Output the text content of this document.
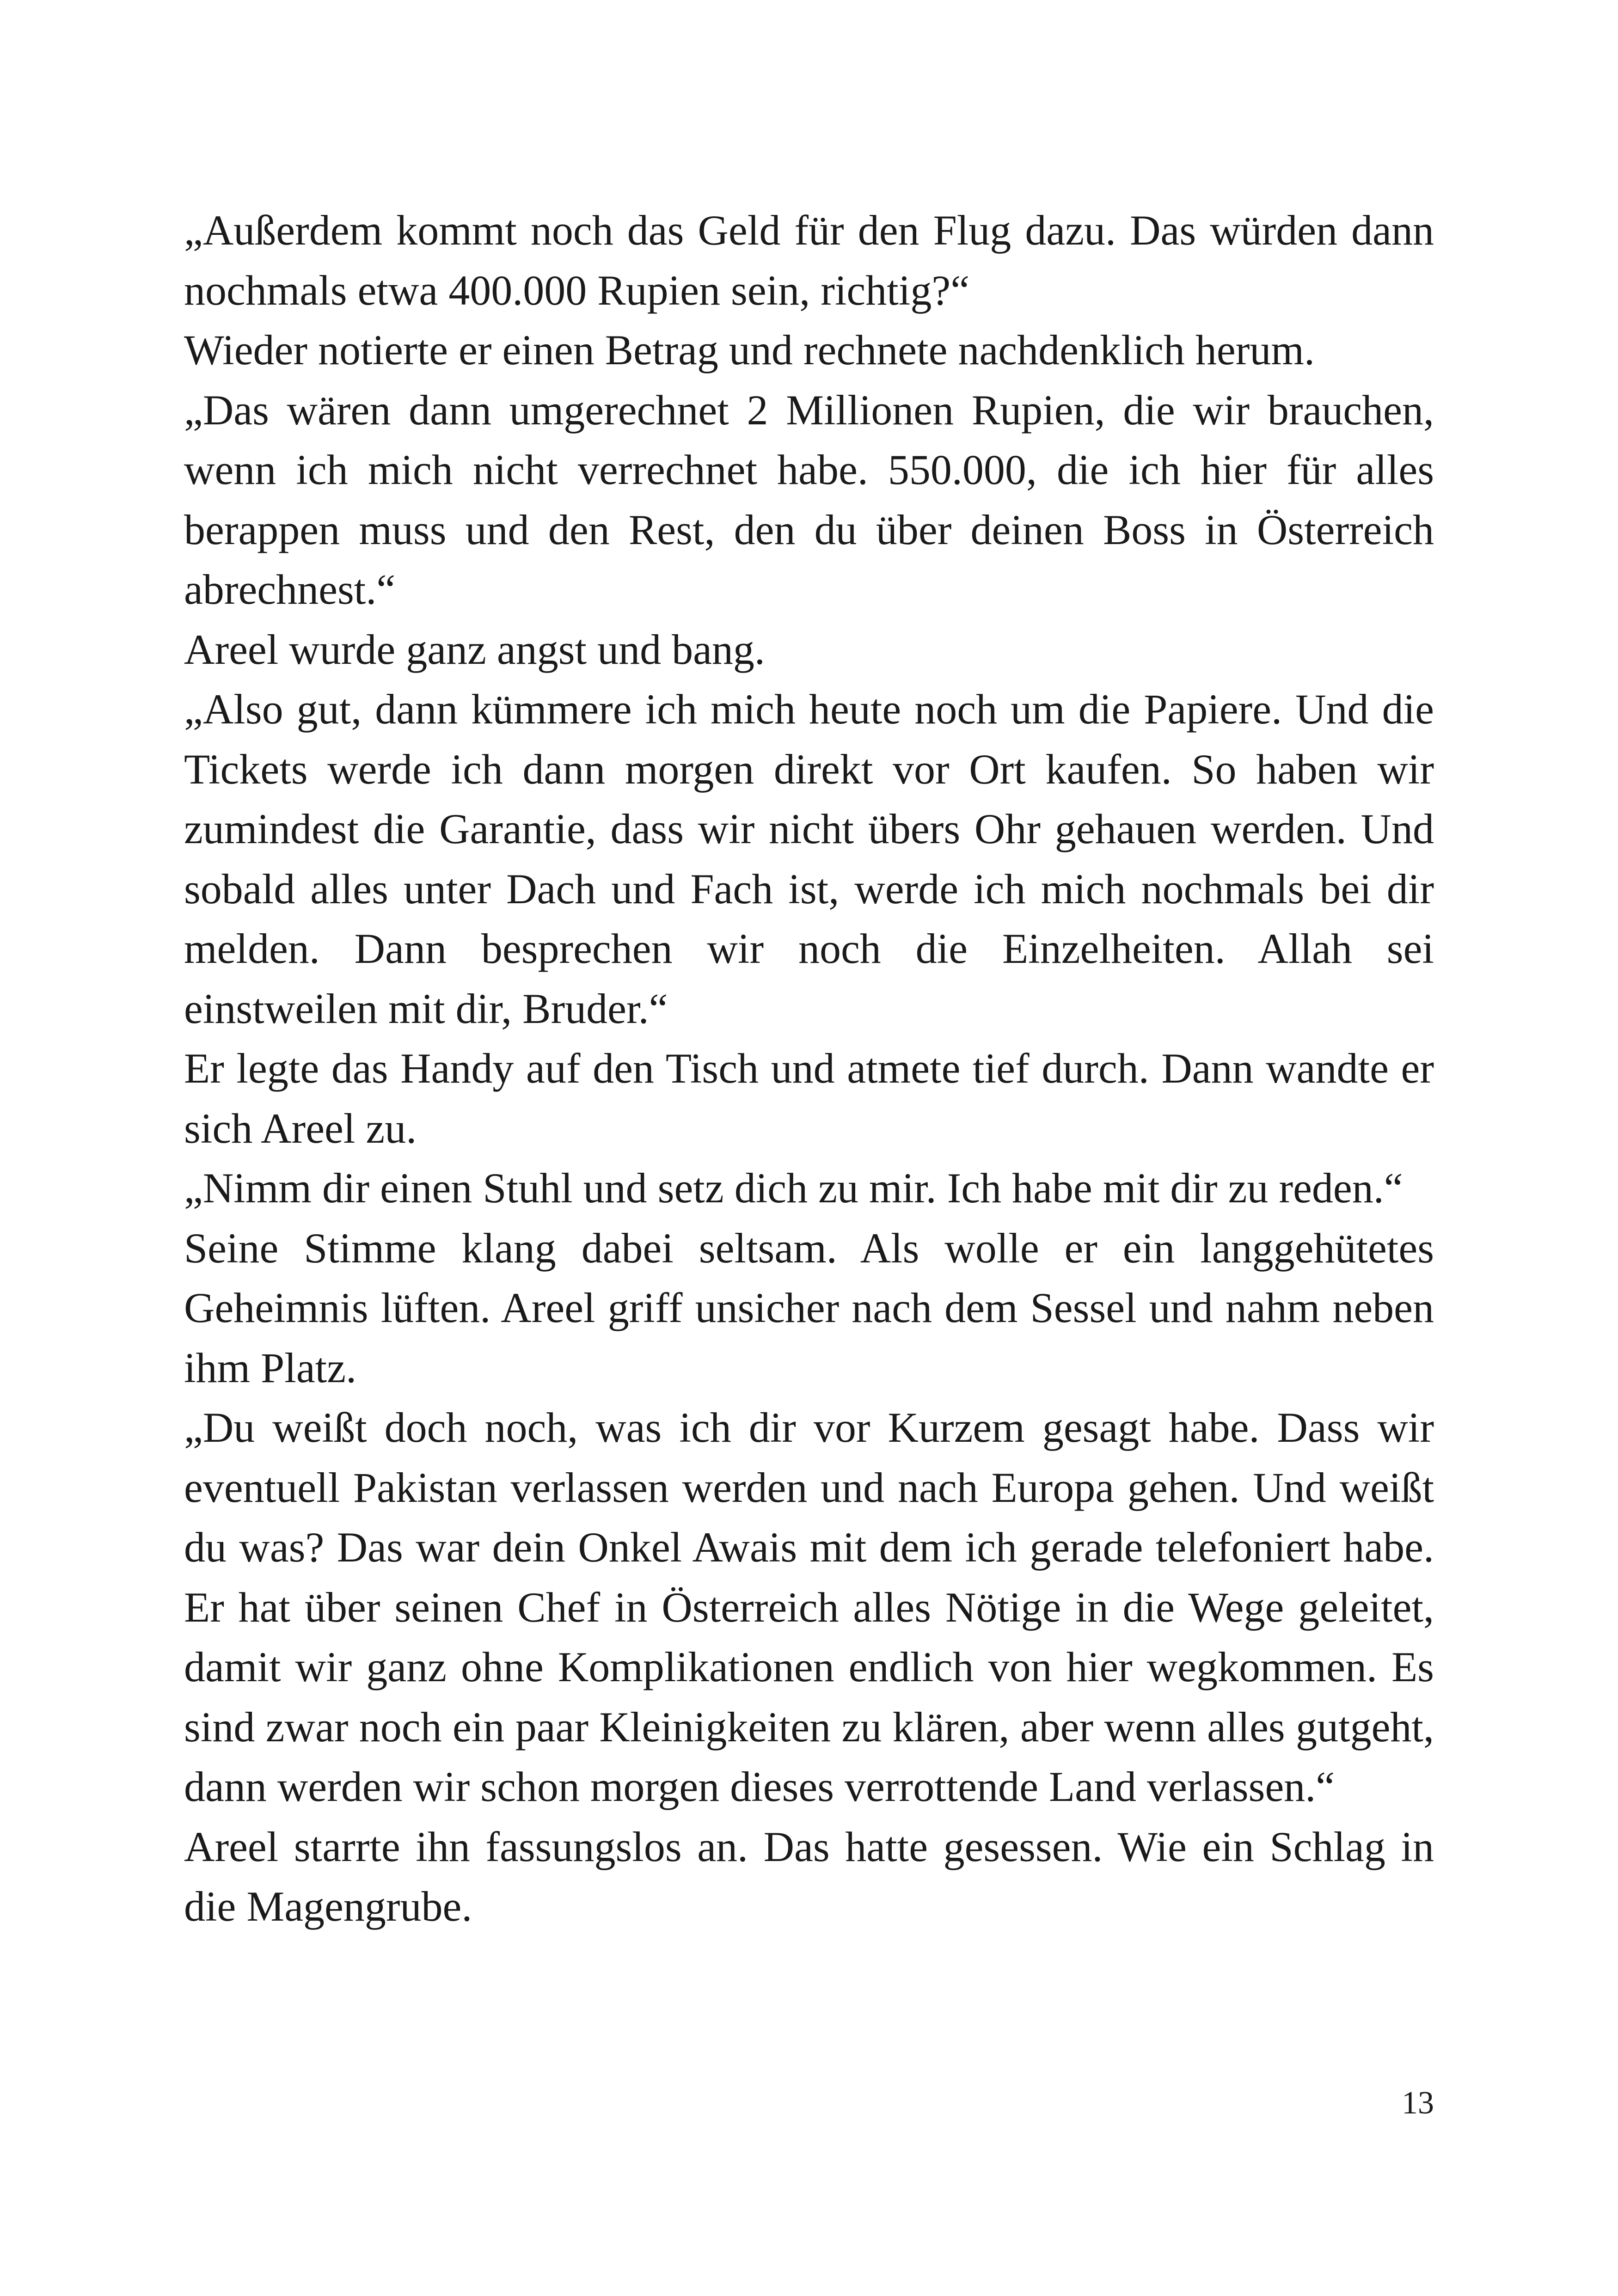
„Außerdem kommt noch das Geld für den Flug dazu. Das würden dann nochmals etwa 400.000 Rupien sein, richtig?“

Wieder notierte er einen Betrag und rechnete nachdenklich herum.

„Das wären dann umgerechnet 2 Millionen Rupien, die wir brauchen, wenn ich mich nicht verrechnet habe. 550.000, die ich hier für alles berappen muss und den Rest, den du über deinen Boss in Österreich abrechnest.“

Areel wurde ganz angst und bang.

„Also gut, dann kümmere ich mich heute noch um die Papiere. Und die Tickets werde ich dann morgen direkt vor Ort kaufen. So haben wir zumindest die Garantie, dass wir nicht übers Ohr gehauen werden. Und sobald alles unter Dach und Fach ist, werde ich mich nochmals bei dir melden. Dann besprechen wir noch die Einzelheiten. Allah sei einstweilen mit dir, Bruder.“

Er legte das Handy auf den Tisch und atmete tief durch. Dann wandte er sich Areel zu.

„Nimm dir einen Stuhl und setz dich zu mir. Ich habe mit dir zu reden.“

Seine Stimme klang dabei seltsam. Als wolle er ein langgehütetes Geheimnis lüften. Areel griff unsicher nach dem Sessel und nahm neben ihm Platz.

„Du weißt doch noch, was ich dir vor Kurzem gesagt habe. Dass wir eventuell Pakistan verlassen werden und nach Europa gehen. Und weißt du was? Das war dein Onkel Awais mit dem ich gerade telefoniert habe. Er hat über seinen Chef in Österreich alles Nötige in die Wege geleitet, damit wir ganz ohne Komplikationen endlich von hier wegkommen. Es sind zwar noch ein paar Kleinigkeiten zu klären, aber wenn alles gutgeht, dann werden wir schon morgen dieses verrottende Land verlassen.“

Areel starrte ihn fassungslos an. Das hatte gesessen. Wie ein Schlag in die Magengrube.

13
